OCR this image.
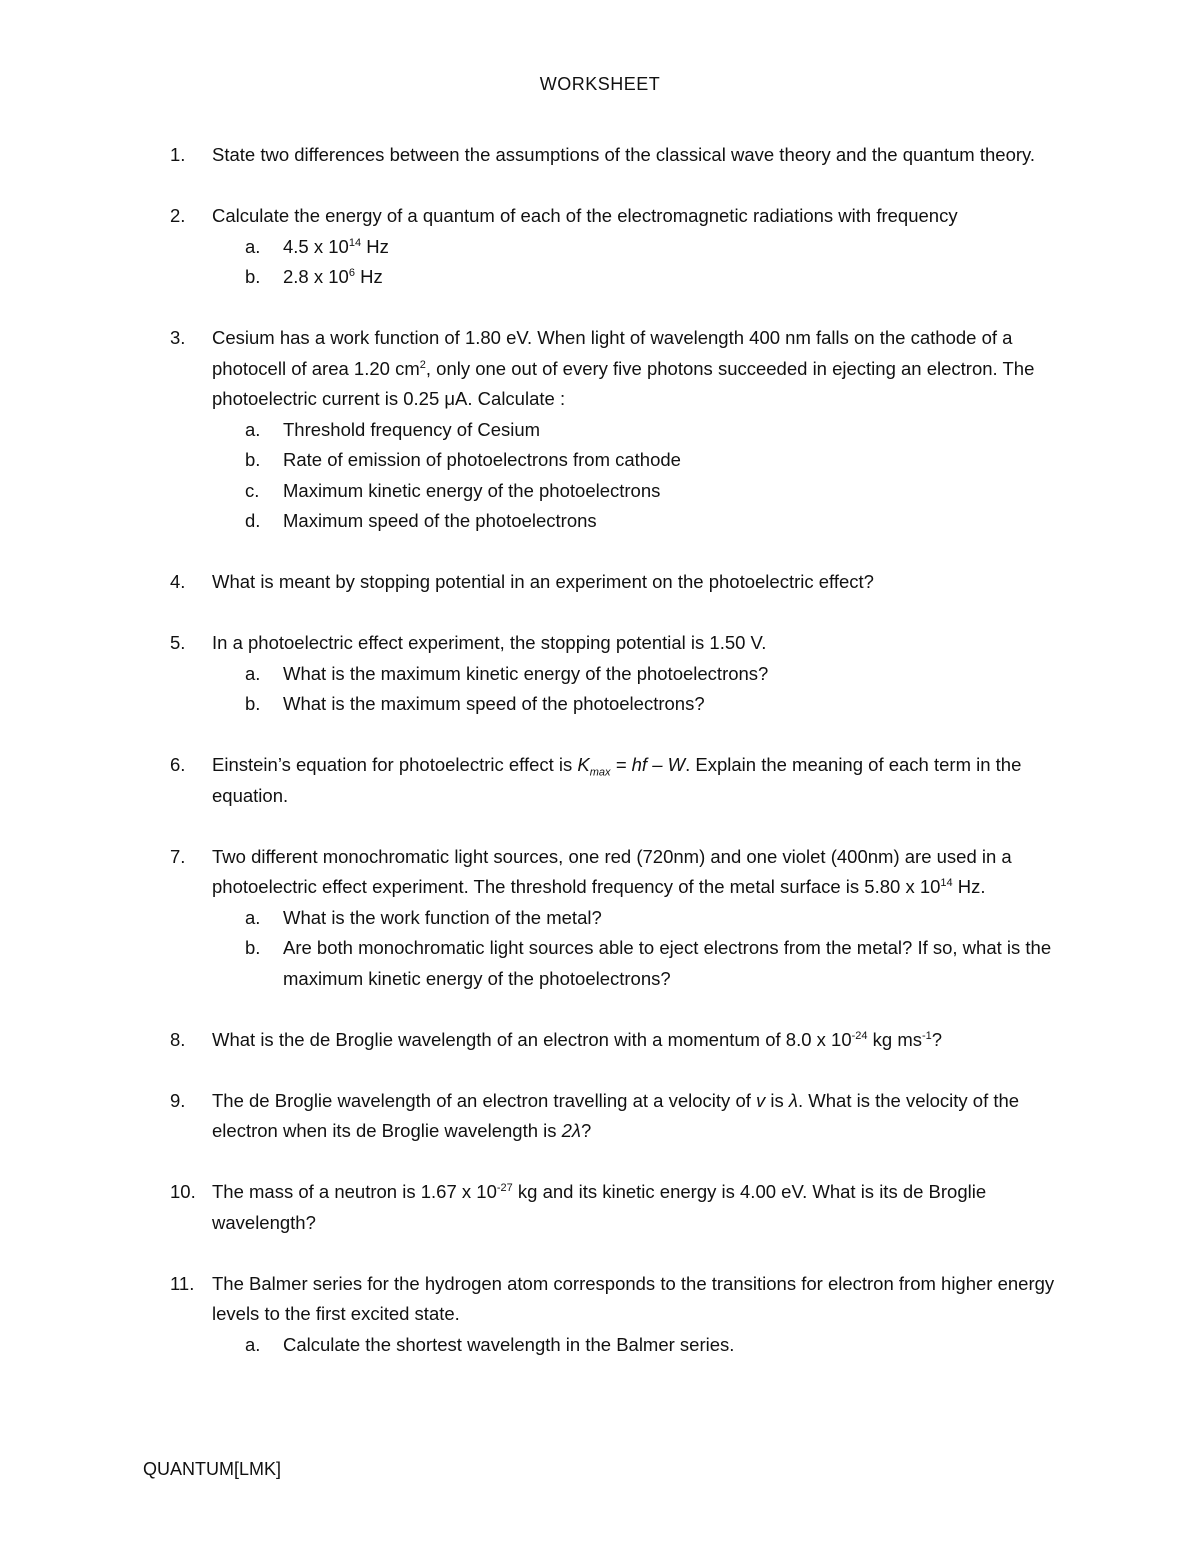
WORKSHEET
1.	State two differences between the assumptions of the classical wave theory and the quantum theory.
2.	Calculate the energy of a quantum of each of the electromagnetic radiations with frequency
a. 4.5 x $10^{14}$ Hz
b. 2.8 x $10^6$ Hz
3.	Cesium has a work function of 1.80 eV. When light of wavelength 400 nm falls on the cathode of a photocell of area 1.20 $cm^2$, only one out of every five photons succeeded in ejecting an electron. The photoelectric current is 0.25 μA. Calculate :
a. Threshold frequency of Cesium
b. Rate of emission of photoelectrons from cathode
c. Maximum kinetic energy of the photoelectrons
d. Maximum speed of the photoelectrons
4.	What is meant by stopping potential in an experiment on the photoelectric effect?
5.	In a photoelectric effect experiment, the stopping potential is 1.50 V.
a. What is the maximum kinetic energy of the photoelectrons?
b. What is the maximum speed of the photoelectrons?
6.	Einstein’s equation for photoelectric effect is $K_{max}$ = hf – W. Explain the meaning of each term in the equation.
7.	Two different monochromatic light sources, one red (720nm) and one violet (400nm) are used in a photoelectric effect experiment. The threshold frequency of the metal surface is 5.80 x $10^{14}$ Hz.
a. What is the work function of the metal?
b. Are both monochromatic light sources able to eject electrons from the metal? If so, what is the maximum kinetic energy of the photoelectrons?
8.	What is the de Broglie wavelength of an electron with a momentum of 8.0 x $10^{-24}$ kg $ms^{-1}$?
9.	The de Broglie wavelength of an electron travelling at a velocity of v is λ. What is the velocity of the electron when its de Broglie wavelength is 2λ?
10. The mass of a neutron is 1.67 x $10^{-27}$ kg and its kinetic energy is 4.00 eV. What is its de Broglie wavelength?
11. The Balmer series for the hydrogen atom corresponds to the transitions for electron from higher energy levels to the first excited state.
a. Calculate the shortest wavelength in the Balmer series.
QUANTUM[LMK]
